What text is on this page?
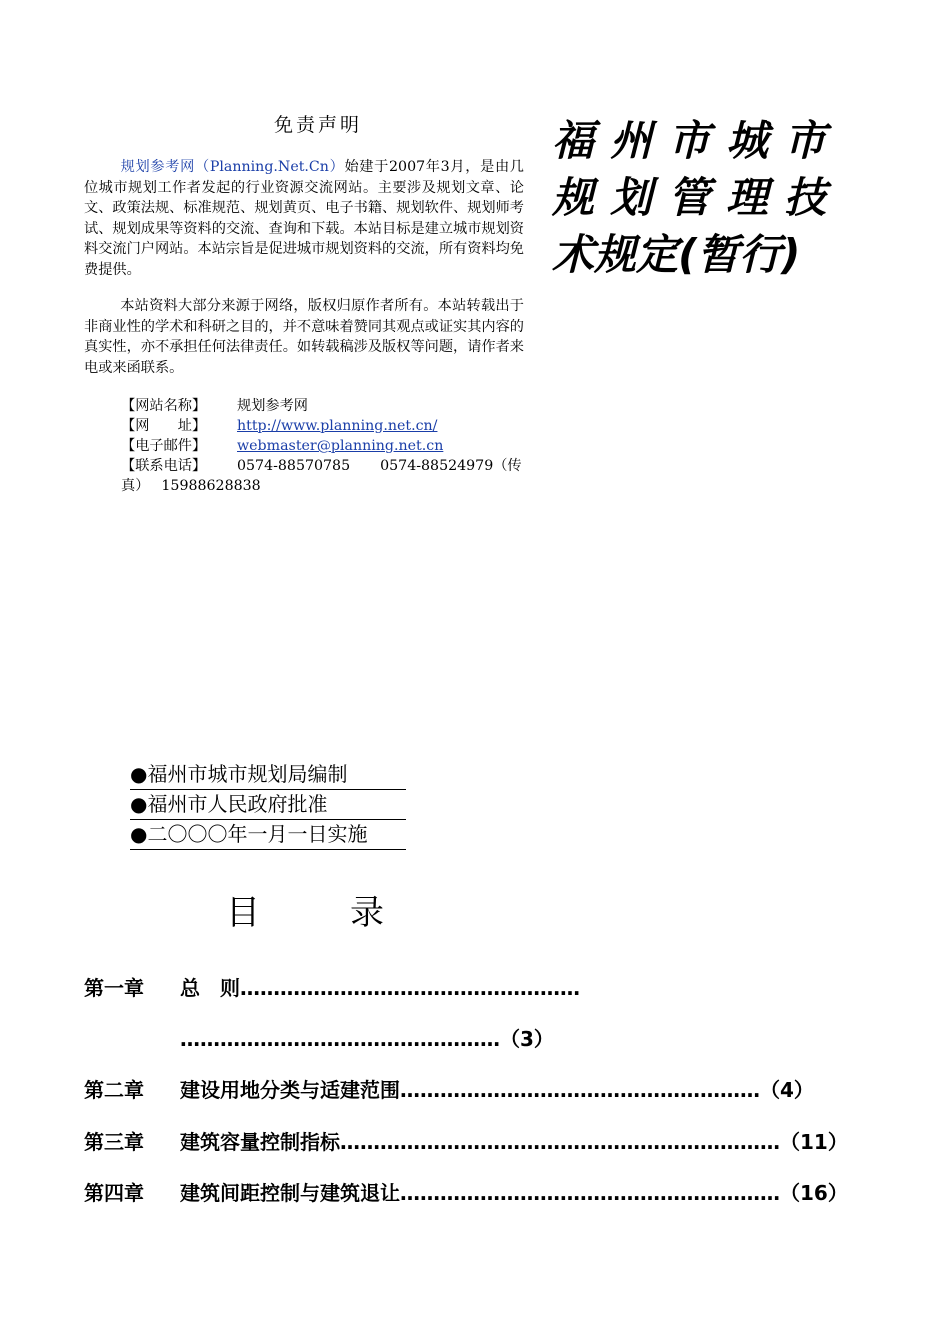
免责声明
规划参考网（Planning.Net.Cn）始建于2007年3月，是由几位城市规划工作者发起的行业资源交流网站。主要涉及规划文章、论文、政策法规、标准规范、规划黄页、电子书籍、规划软件、规划师考试、规划成果等资料的交流、查询和下载。本站目标是建立城市规划资料交流门户网站。本站宗旨是促进城市规划资料的交流，所有资料均免费提供。
本站资料大部分来源于网络，版权归原作者所有。本站转载出于非商业性的学术和科研之目的，并不意味着赞同其观点或证实其内容的真实性，亦不承担任何法律责任。如转载稿涉及版权等问题，请作者来电或来函联系。
【网站名称】 规划参考网
【网　　址】 http://www.planning.net.cn/
【电子邮件】 webmaster@planning.net.cn
【联系电话】 0574-88570785 0574-88524979（传
真） 15988628838
福州市城市
规划管理技
术规定(暂行)
●福州市城市规划局编制
●福州市人民政府批准
●二〇〇〇年一月一日实施
目	录
第一章 总　则……………………………………………
…………………………………………（3）
第二章 建设用地分类与适建范围………………………………………………（4）
第三章 建筑容量控制指标…………………………………………………………（11）
第四章 建筑间距控制与建筑退让…………………………………………………（16）
